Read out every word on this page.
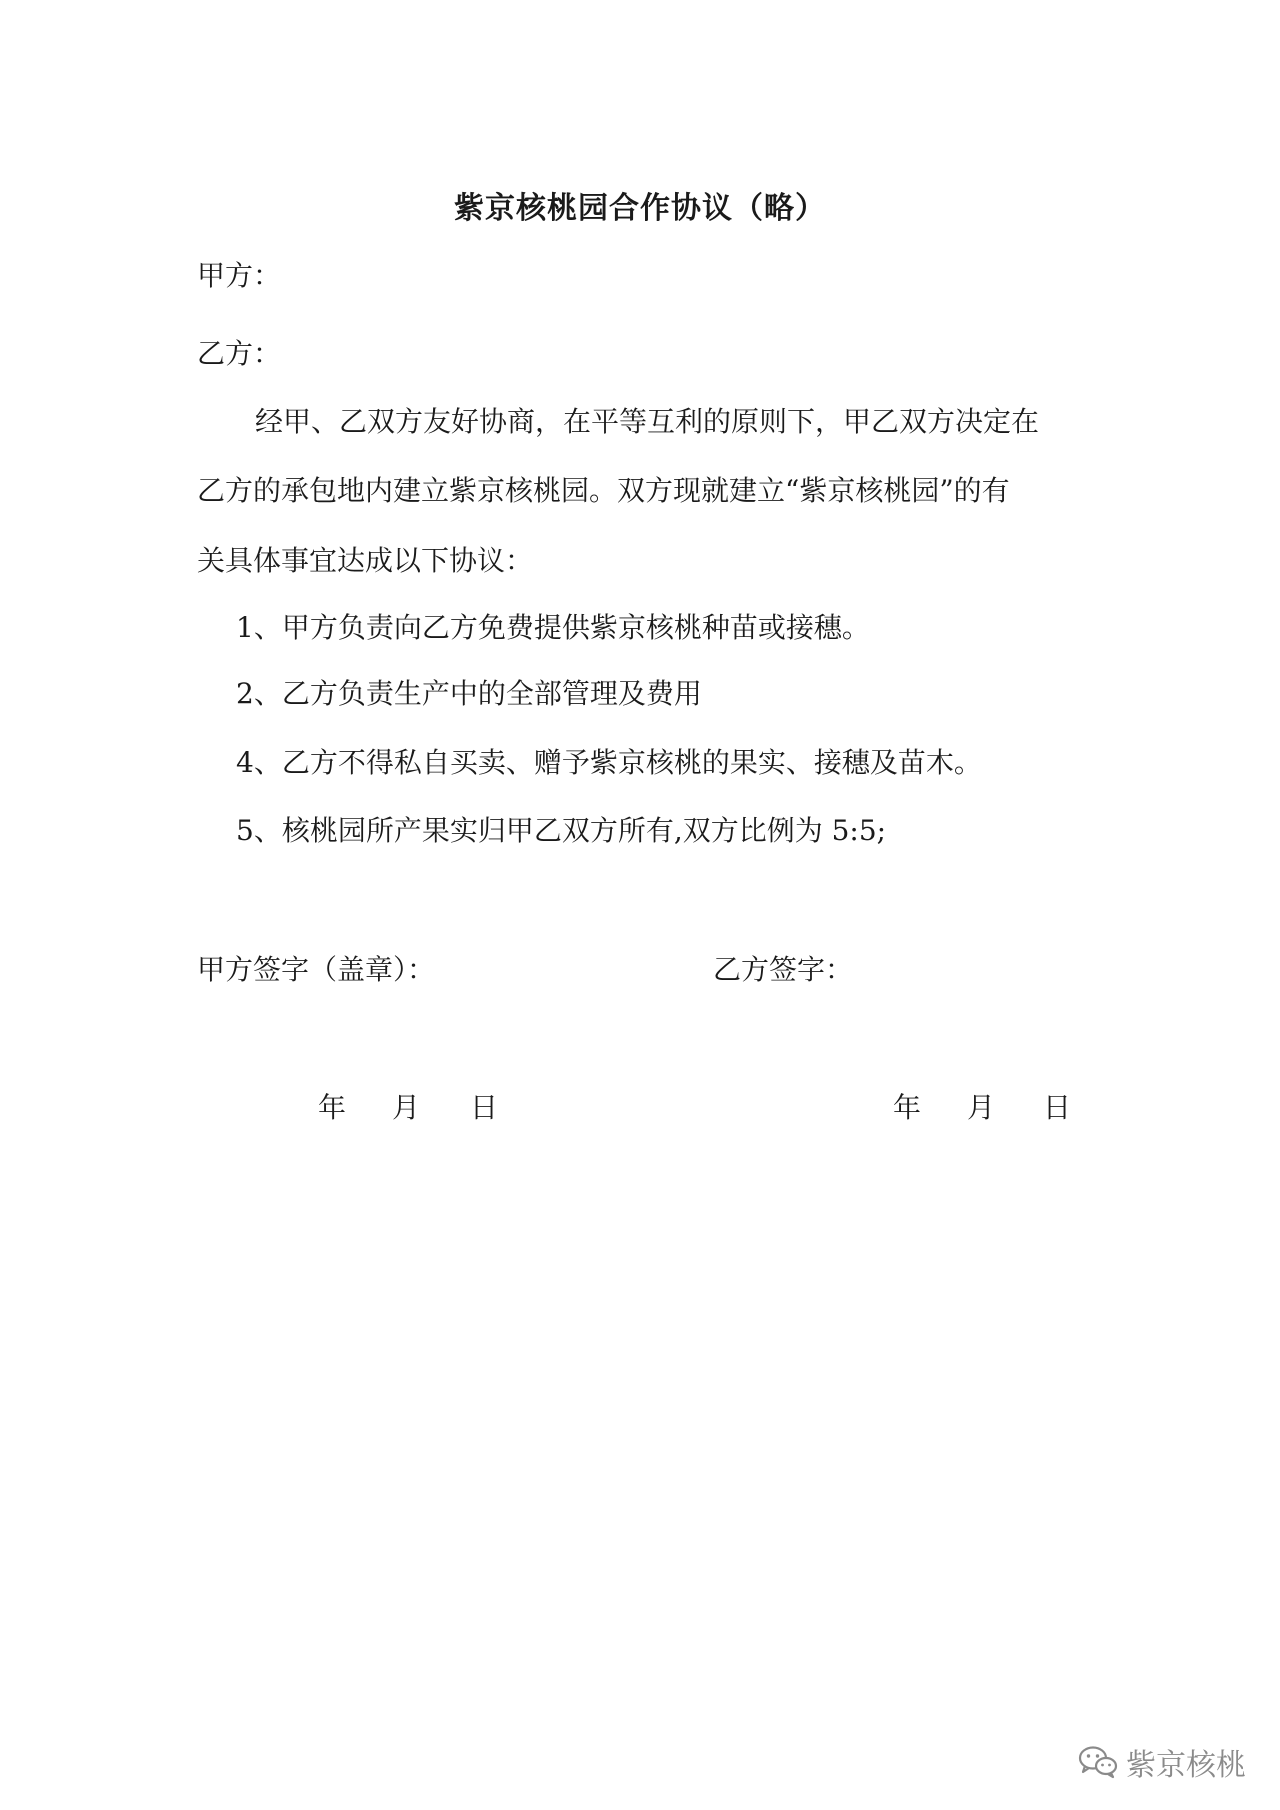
紫京核桃园合作协议（略）
甲方：
乙方：
经甲、乙双方友好协商，在平等互利的原则下，甲乙双方决定在
乙方的承包地内建立紫京核桃园。双方现就建立“紫京核桃园”的有
关具体事宜达成以下协议：
1、甲方负责向乙方免费提供紫京核桃种苗或接穗。
2、乙方负责生产中的全部管理及费用
4、乙方不得私自买卖、赠予紫京核桃的果实、接穗及苗木。
5、核桃园所产果实归甲乙双方所有,双方比例为 5:5;
甲方签字（盖章）：	乙方签字：
年 月 日	年 月 日
紫京核桃
